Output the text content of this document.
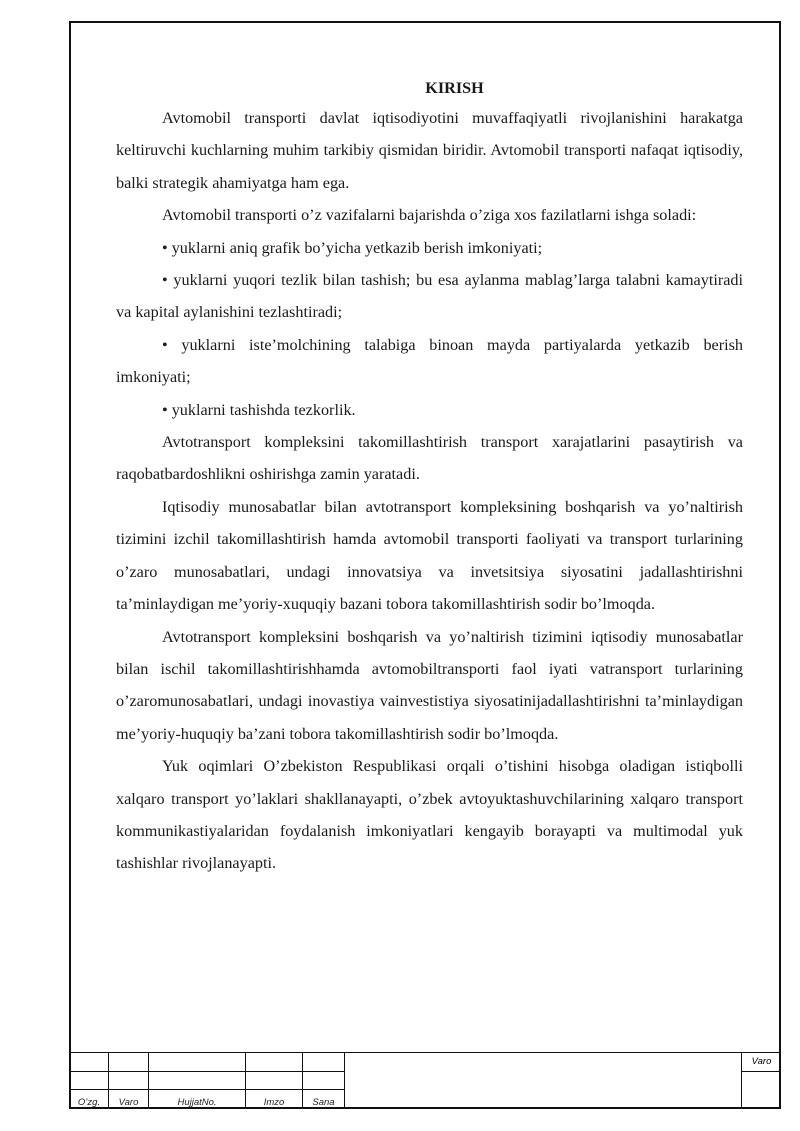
KIRISH

Avtomobil transporti davlat iqtisodiyotini muvaffaqiyatli rivojlanishini harakatga keltiruvchi kuchlarning muhim tarkibiy qismidan biridir. Avtomobil transporti nafaqat iqtisodiy, balki strategik ahamiyatga ham ega.

Avtomobil transporti o’z vazifalarni bajarishda o’ziga xos fazilatlarni ishga soladi:

• yuklarni aniq grafik bo’yicha yetkazib berish imkoniyati;

• yuklarni yuqori tezlik bilan tashish; bu esa aylanma mablag’larga talabni kamaytiradi va kapital aylanishini tezlashtiradi;

• yuklarni iste’molchining talabiga binoan mayda partiyalarda yetkazib berish imkoniyati;

• yuklarni tashishda tezkorlik.

Avtotransport kompleksini takomillashtirish transport xarajatlarini pasaytirish va raqobatbardoshlikni oshirishga zamin yaratadi.

Iqtisodiy munosabatlar bilan avtotransport kompleksining boshqarish va yo’naltirish tizimini izchil takomillashtirish hamda avtomobil transporti faoliyati va transport turlarining o’zaro munosabatlari, undagi innovatsiya va invetsitsiya siyosatini jadallashtirishni ta’minlaydigan me’yoriy-xuquqiy bazani tobora takomillashtirish sodir bo’lmoqda.

Avtotransport kompleksini boshqarish va yo’naltirish tizimini iqtisodiy munosabatlar bilan ischil takomillashtirishhamda avtomobiltransporti faol iyati vatransport turlarining o’zaromunosabatlari, undagi inovastiya vainvestistiya siyosatinijadallashtirishni ta’minlaydigan me’yoriy-huquqiy ba’zani tobora takomillashtirish sodir bo’lmoqda.

Yuk oqimlari O’zbekiston Respublikasi orqali o’tishini hisobga oladigan istiqbolli xalqaro transport yo’laklari shakllanayapti, o’zbek avtoyuktashuvchilarining xalqaro transport kommunikastiyalaridan foydalanish imkoniyatlari kengayib borayapti va multimodal yuk tashishlar rivojlanayapti.

O’zg.	Varo	HujjatNo.	Imzo	Sana
Varo
